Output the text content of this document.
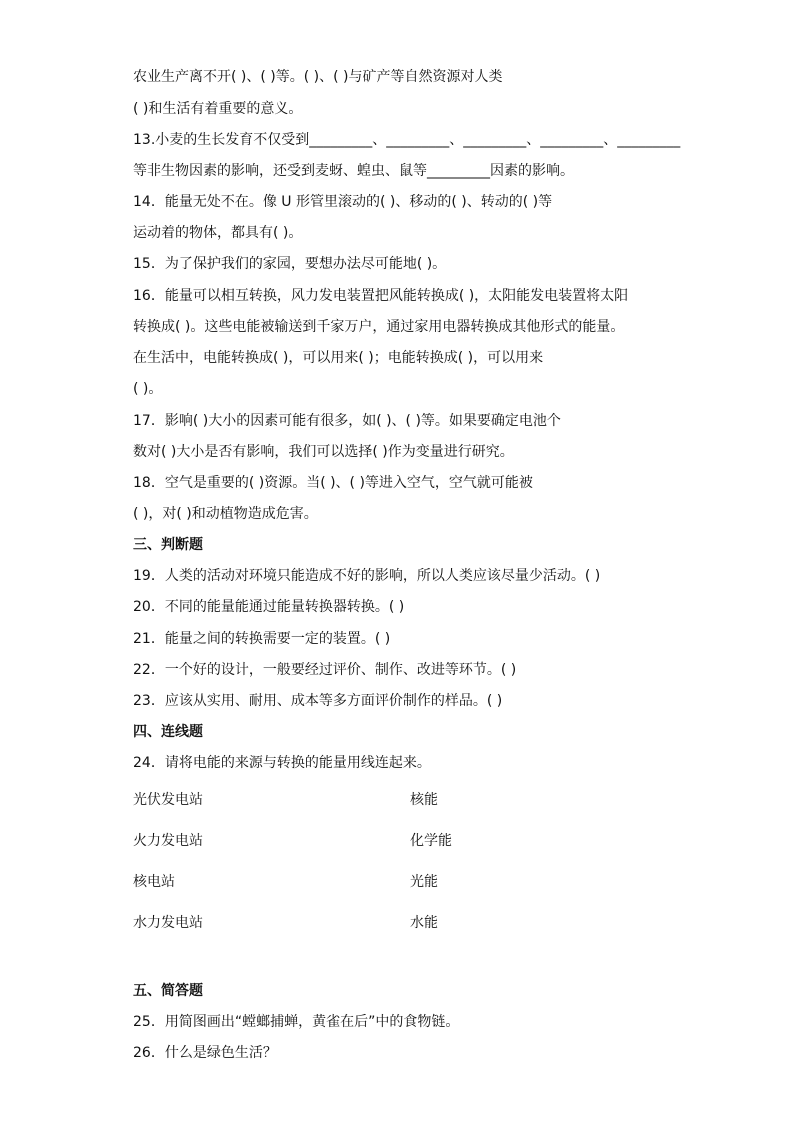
农业生产离不开( )、( )等。( )、( )与矿产等自然资源对人类
( )和生活有着重要的意义。
13.小麦的生长发育不仅受到_________、_________、_________、_________、_________
等非生物因素的影响，还受到麦蚜、蝗虫、鼠等_________因素的影响。
14．能量无处不在。像 U 形管里滚动的( )、移动的( )、转动的( )等
运动着的物体，都具有( )。
15．为了保护我们的家园，要想办法尽可能地( )。
16．能量可以相互转换，风力发电装置把风能转换成( )，太阳能发电装置将太阳
转换成( )。这些电能被输送到千家万户，通过家用电器转换成其他形式的能量。
在生活中，电能转换成( )，可以用来( )；电能转换成( )，可以用来
( )。
17．影响( )大小的因素可能有很多，如( )、( )等。如果要确定电池个
数对( )大小是否有影响，我们可以选择( )作为变量进行研究。
18．空气是重要的( )资源。当( )、( )等进入空气，空气就可能被
( )，对( )和动植物造成危害。
三、判断题
19．人类的活动对环境只能造成不好的影响，所以人类应该尽量少活动。( )
20．不同的能量能通过能量转换器转换。( )
21．能量之间的转换需要一定的装置。( )
22．一个好的设计，一般要经过评价、制作、改进等环节。( )
23．应该从实用、耐用、成本等多方面评价制作的样品。( )
四、连线题
24．请将电能的来源与转换的能量用线连起来。
光伏发电站	核能
火力发电站	化学能
核电站	光能
水力发电站	水能
五、简答题
25．用简图画出“螳螂捕蝉，黄雀在后”中的食物链。
26．什么是绿色生活？
